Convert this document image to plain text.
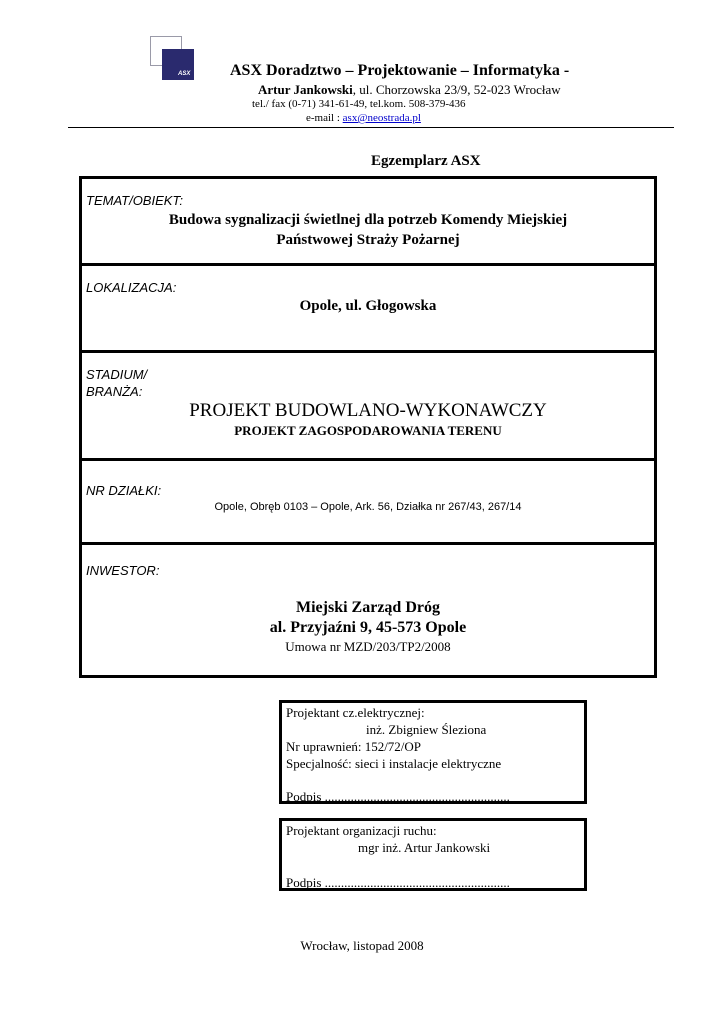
ASX ASX Doradztwo – Projektowanie – Informatyka -
Artur Jankowski, ul. Chorzowska 23/9, 52-023 Wrocław
tel./ fax (0-71) 341-61-49, tel.kom. 508-379-436
e-mail : asx@neostrada.pl
Egzemplarz ASX
TEMAT/OBIEKT:
Budowa sygnalizacji świetlnej dla potrzeb Komendy Miejskiej
Państwowej Straży Pożarnej
LOKALIZACJA:
Opole, ul. Głogowska
STADIUM/
BRANŻA:
PROJEKT BUDOWLANO-WYKONAWCZY
PROJEKT ZAGOSPODAROWANIA TERENU
NR DZIAŁKI:
Opole, Obręb 0103 – Opole, Ark. 56, Działka nr 267/43, 267/14
INWESTOR:
Miejski Zarząd Dróg
al. Przyjaźni 9, 45-573 Opole
Umowa nr MZD/203/TP2/2008
Projektant cz.elektrycznej:
inż. Zbigniew Śleziona
Nr uprawnień: 152/72/OP
Specjalność: sieci i instalacje elektryczne
Podpis .........................................................
Projektant organizacji ruchu:
mgr inż. Artur Jankowski
Podpis .........................................................
Wrocław, listopad 2008
